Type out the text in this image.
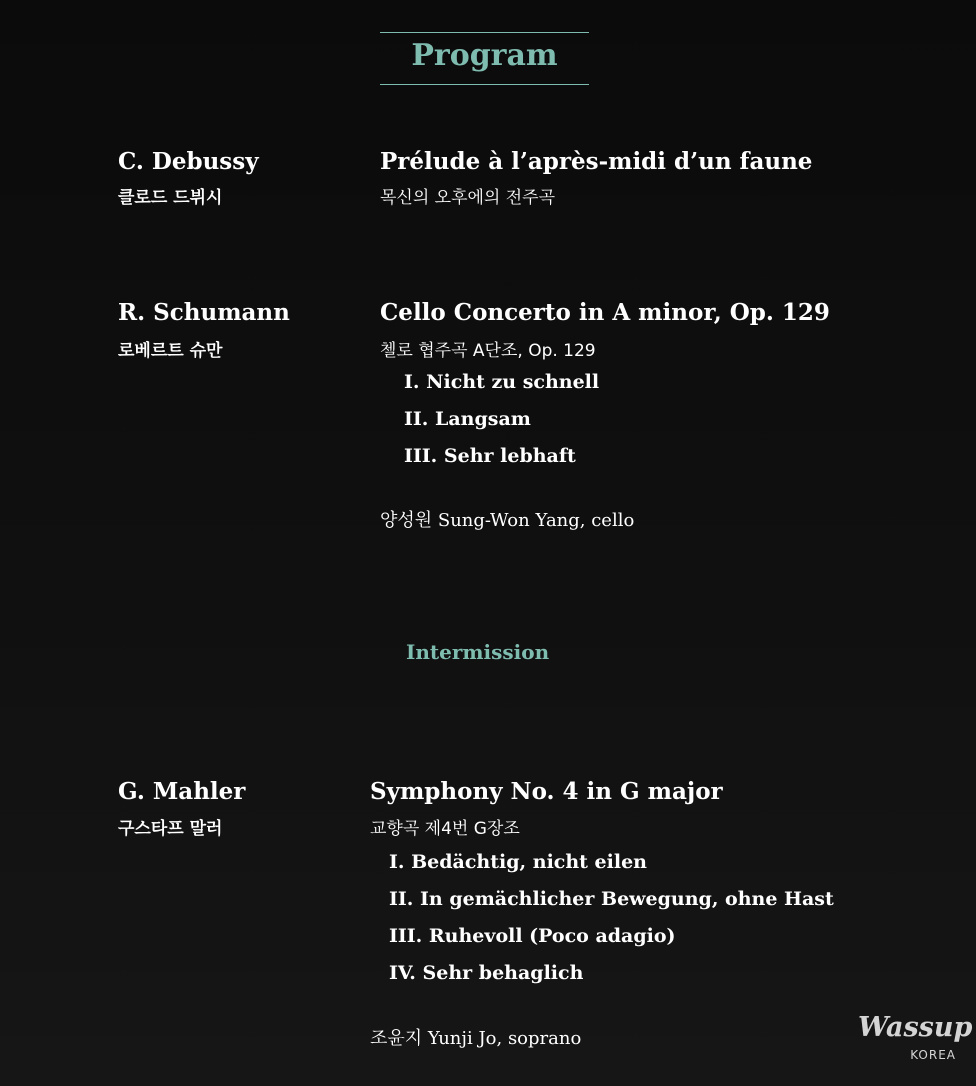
Program
C. Debussy
클로드 드뷔시
Prélude à l’après-midi d’un faune
목신의 오후에의 전주곡
R. Schumann
로베르트 슈만
Cello Concerto in A minor, Op. 129
첼로 협주곡 A단조, Op. 129
I. Nicht zu schnell
II. Langsam
III. Sehr lebhaft
양성원 Sung-Won Yang, cello
Intermission
G. Mahler
구스타프 말러
Symphony No. 4 in G major
교향곡 제4번 G장조
I. Bedächtig, nicht eilen
II. In gemächlicher Bewegung, ohne Hast
III. Ruhevoll (Poco adagio)
IV. Sehr behaglich
조윤지 Yunji Jo, soprano	Wassup
KOREA
